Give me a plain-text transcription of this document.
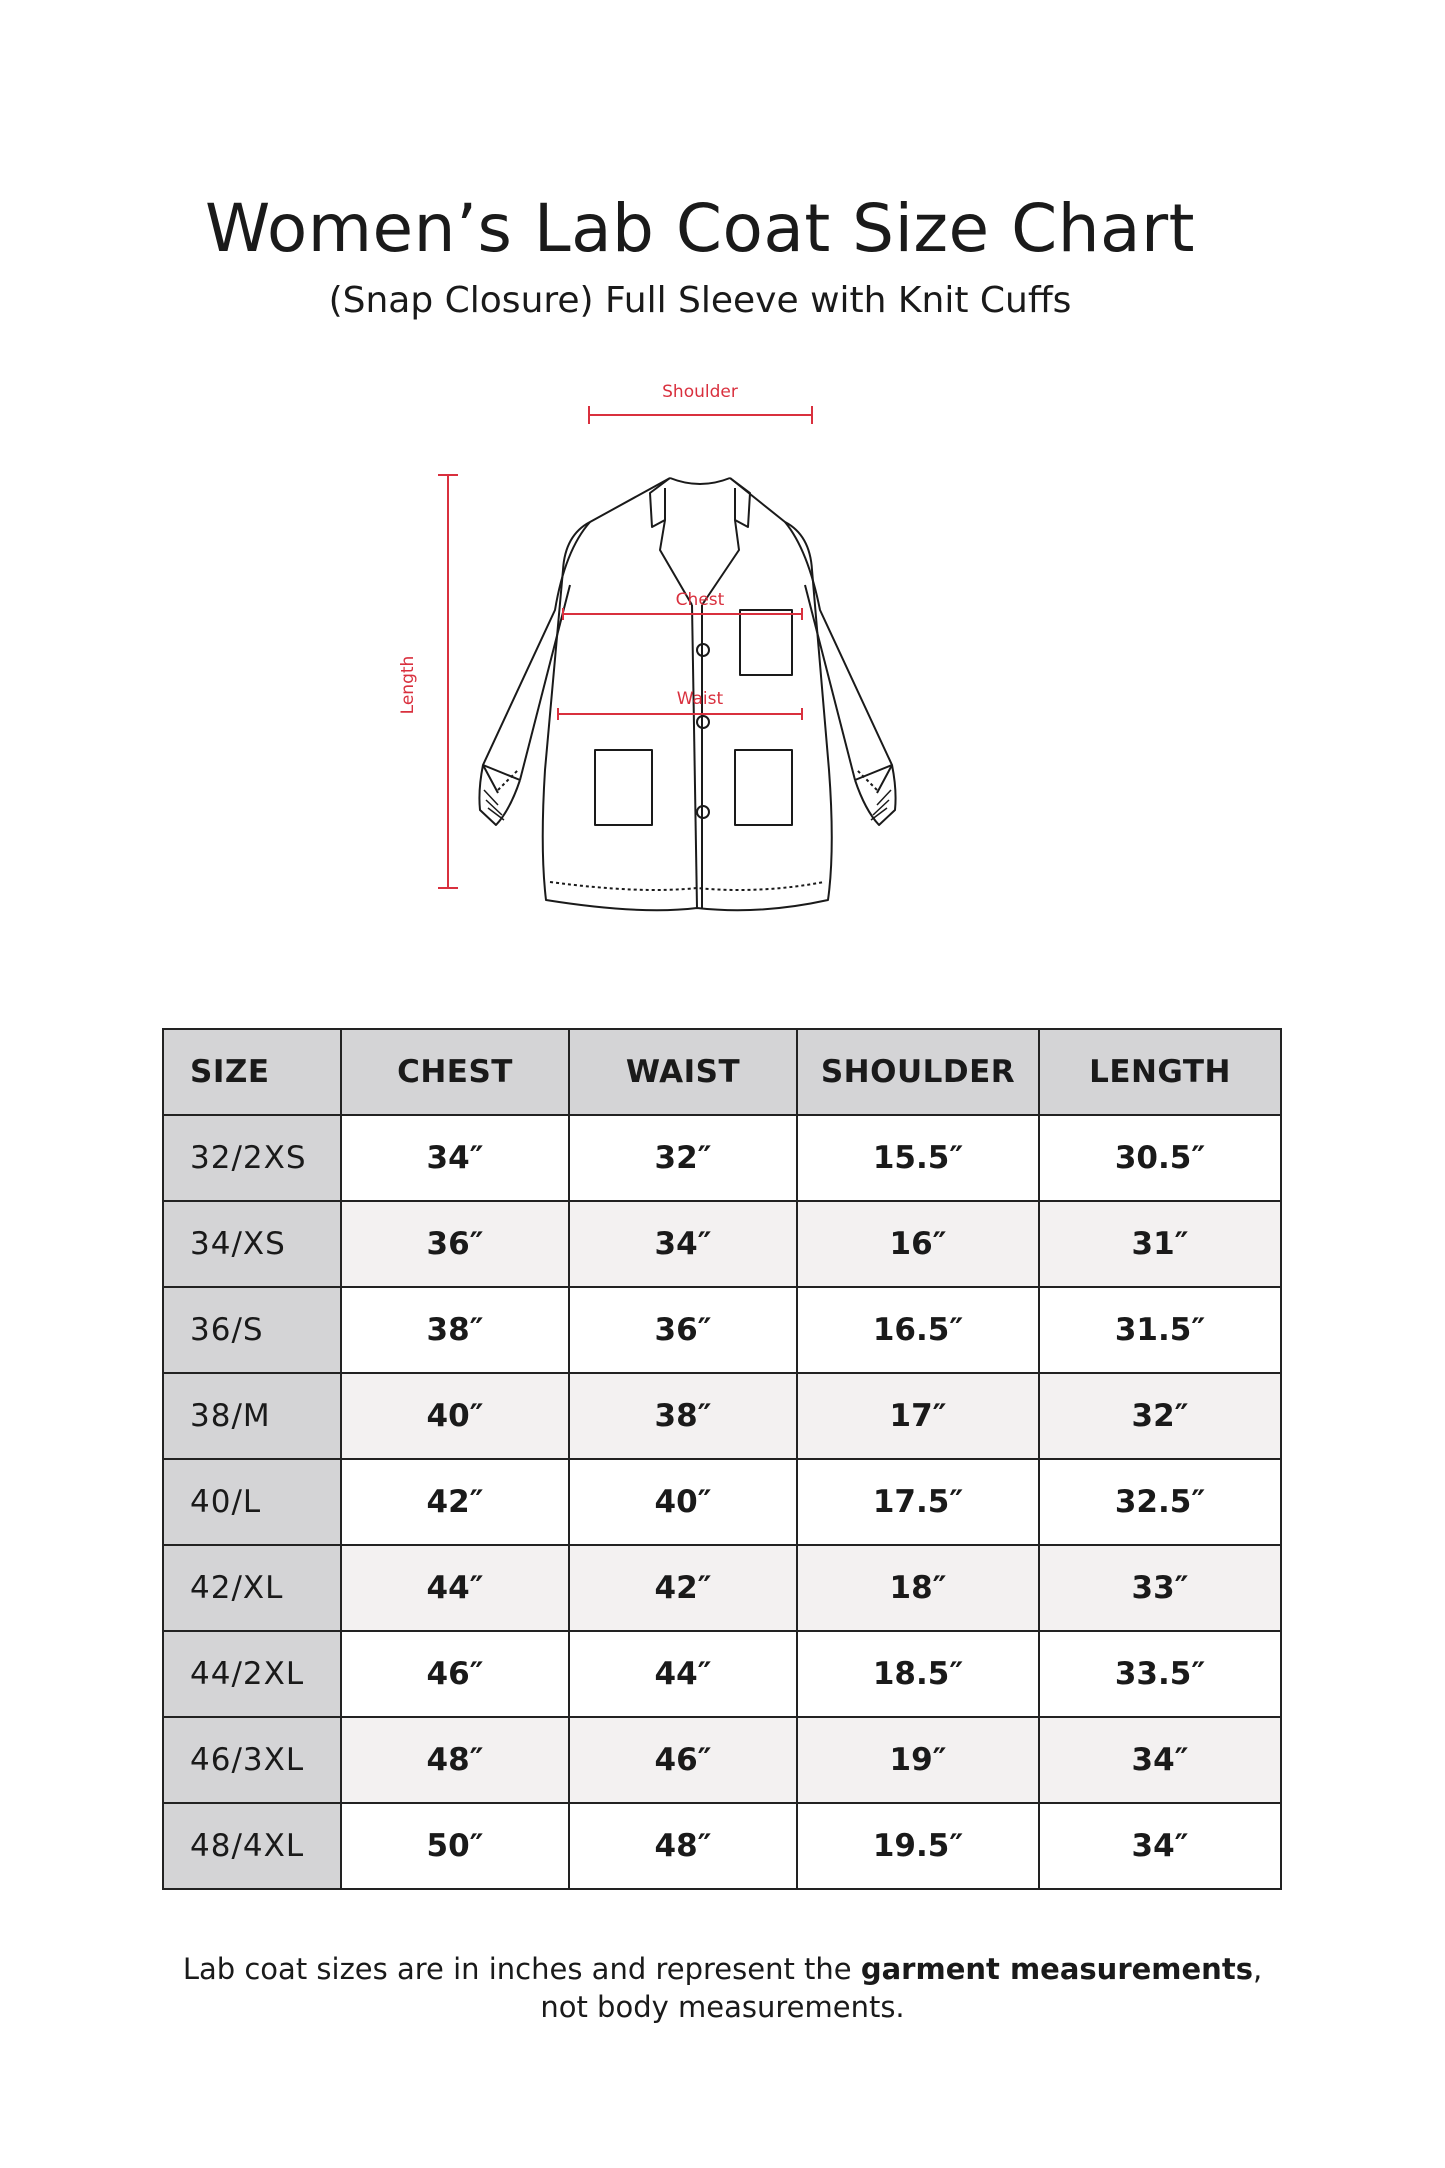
Women’s Lab Coat Size Chart
(Snap Closure) Full Sleeve with Knit Cuffs
Shoulder
Chest
Waist
Length
SIZE	CHEST	WAIST	SHOULDER	LENGTH
32/2XS	34″	32″	15.5″	30.5″
34/XS	36″	34″	16″	31″
36/S	38″	36″	16.5″	31.5″
38/M	40″	38″	17″	32″
40/L	42″	40″	17.5″	32.5″
42/XL	44″	42″	18″	33″
44/2XL	46″	44″	18.5″	33.5″
46/3XL	48″	46″	19″	34″
48/4XL	50″	48″	19.5″	34″
Lab coat sizes are in inches and represent the garment measurements,
not body measurements.
